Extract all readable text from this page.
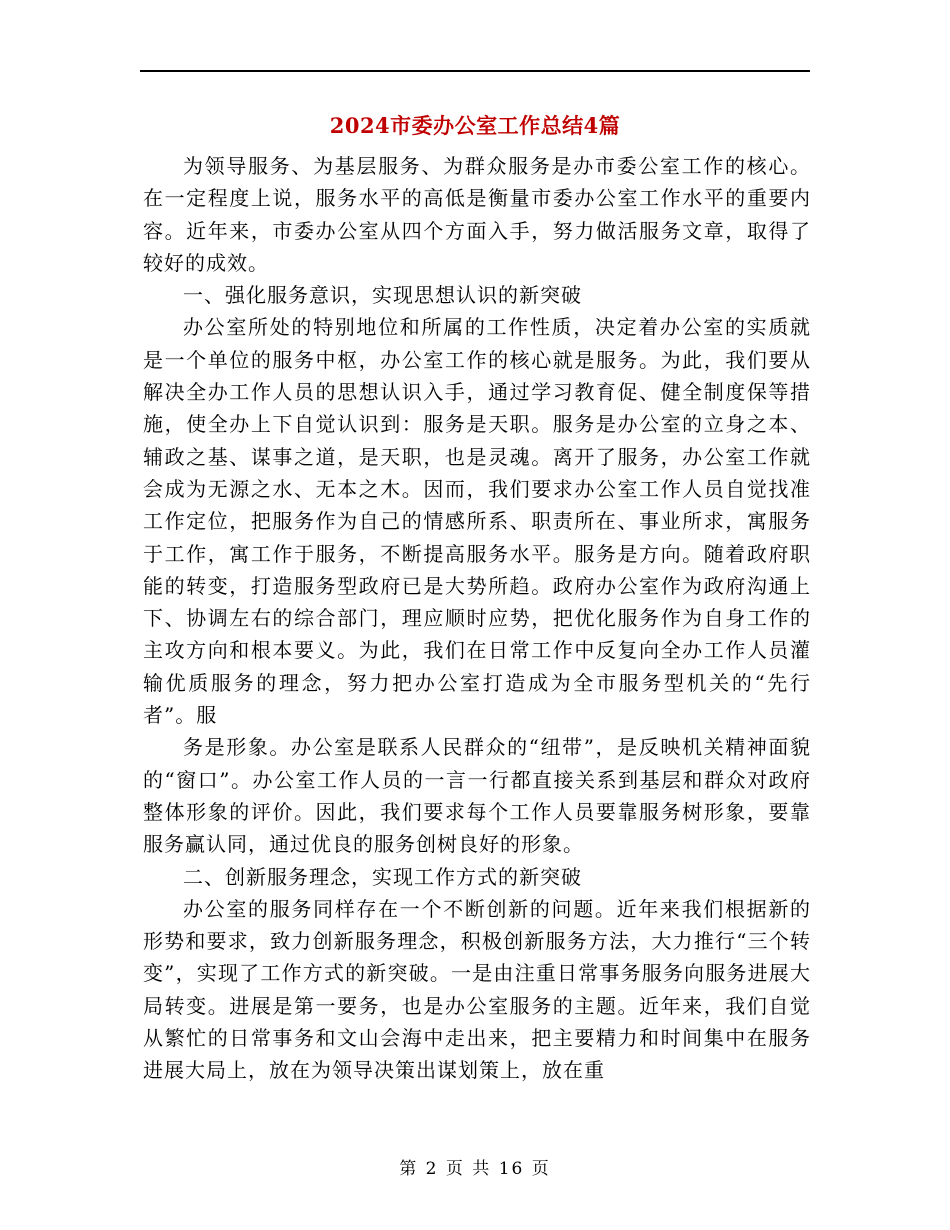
2024市委办公室工作总结4篇

为领导服务、为基层服务、为群众服务是办市委公室工作的核心。在一定程度上说，服务水平的高低是衡量市委办公室工作水平的重要内容。近年来，市委办公室从四个方面入手，努力做活服务文章，取得了较好的成效。

一、强化服务意识，实现思想认识的新突破

办公室所处的特别地位和所属的工作性质，决定着办公室的实质就是一个单位的服务中枢，办公室工作的核心就是服务。为此，我们要从解决全办工作人员的思想认识入手，通过学习教育促、健全制度保等措施，使全办上下自觉认识到：服务是天职。服务是办公室的立身之本、辅政之基、谋事之道，是天职，也是灵魂。离开了服务，办公室工作就会成为无源之水、无本之木。因而，我们要求办公室工作人员自觉找准工作定位，把服务作为自己的情感所系、职责所在、事业所求，寓服务于工作，寓工作于服务，不断提高服务水平。服务是方向。随着政府职能的转变，打造服务型政府已是大势所趋。政府办公室作为政府沟通上下、协调左右的综合部门，理应顺时应势，把优化服务作为自身工作的主攻方向和根本要义。为此，我们在日常工作中反复向全办工作人员灌输优质服务的理念，努力把办公室打造成为全市服务型机关的“先行者”。服

务是形象。办公室是联系人民群众的“纽带”，是反映机关精神面貌的“窗口”。办公室工作人员的一言一行都直接关系到基层和群众对政府整体形象的评价。因此，我们要求每个工作人员要靠服务树形象，要靠服务赢认同，通过优良的服务创树良好的形象。

二、创新服务理念，实现工作方式的新突破

办公室的服务同样存在一个不断创新的问题。近年来我们根据新的形势和要求，致力创新服务理念，积极创新服务方法，大力推行“三个转变”，实现了工作方式的新突破。一是由注重日常事务服务向服务进展大局转变。进展是第一要务，也是办公室服务的主题。近年来，我们自觉从繁忙的日常事务和文山会海中走出来，把主要精力和时间集中在服务进展大局上，放在为领导决策出谋划策上，放在重

第 2 页 共 16 页
